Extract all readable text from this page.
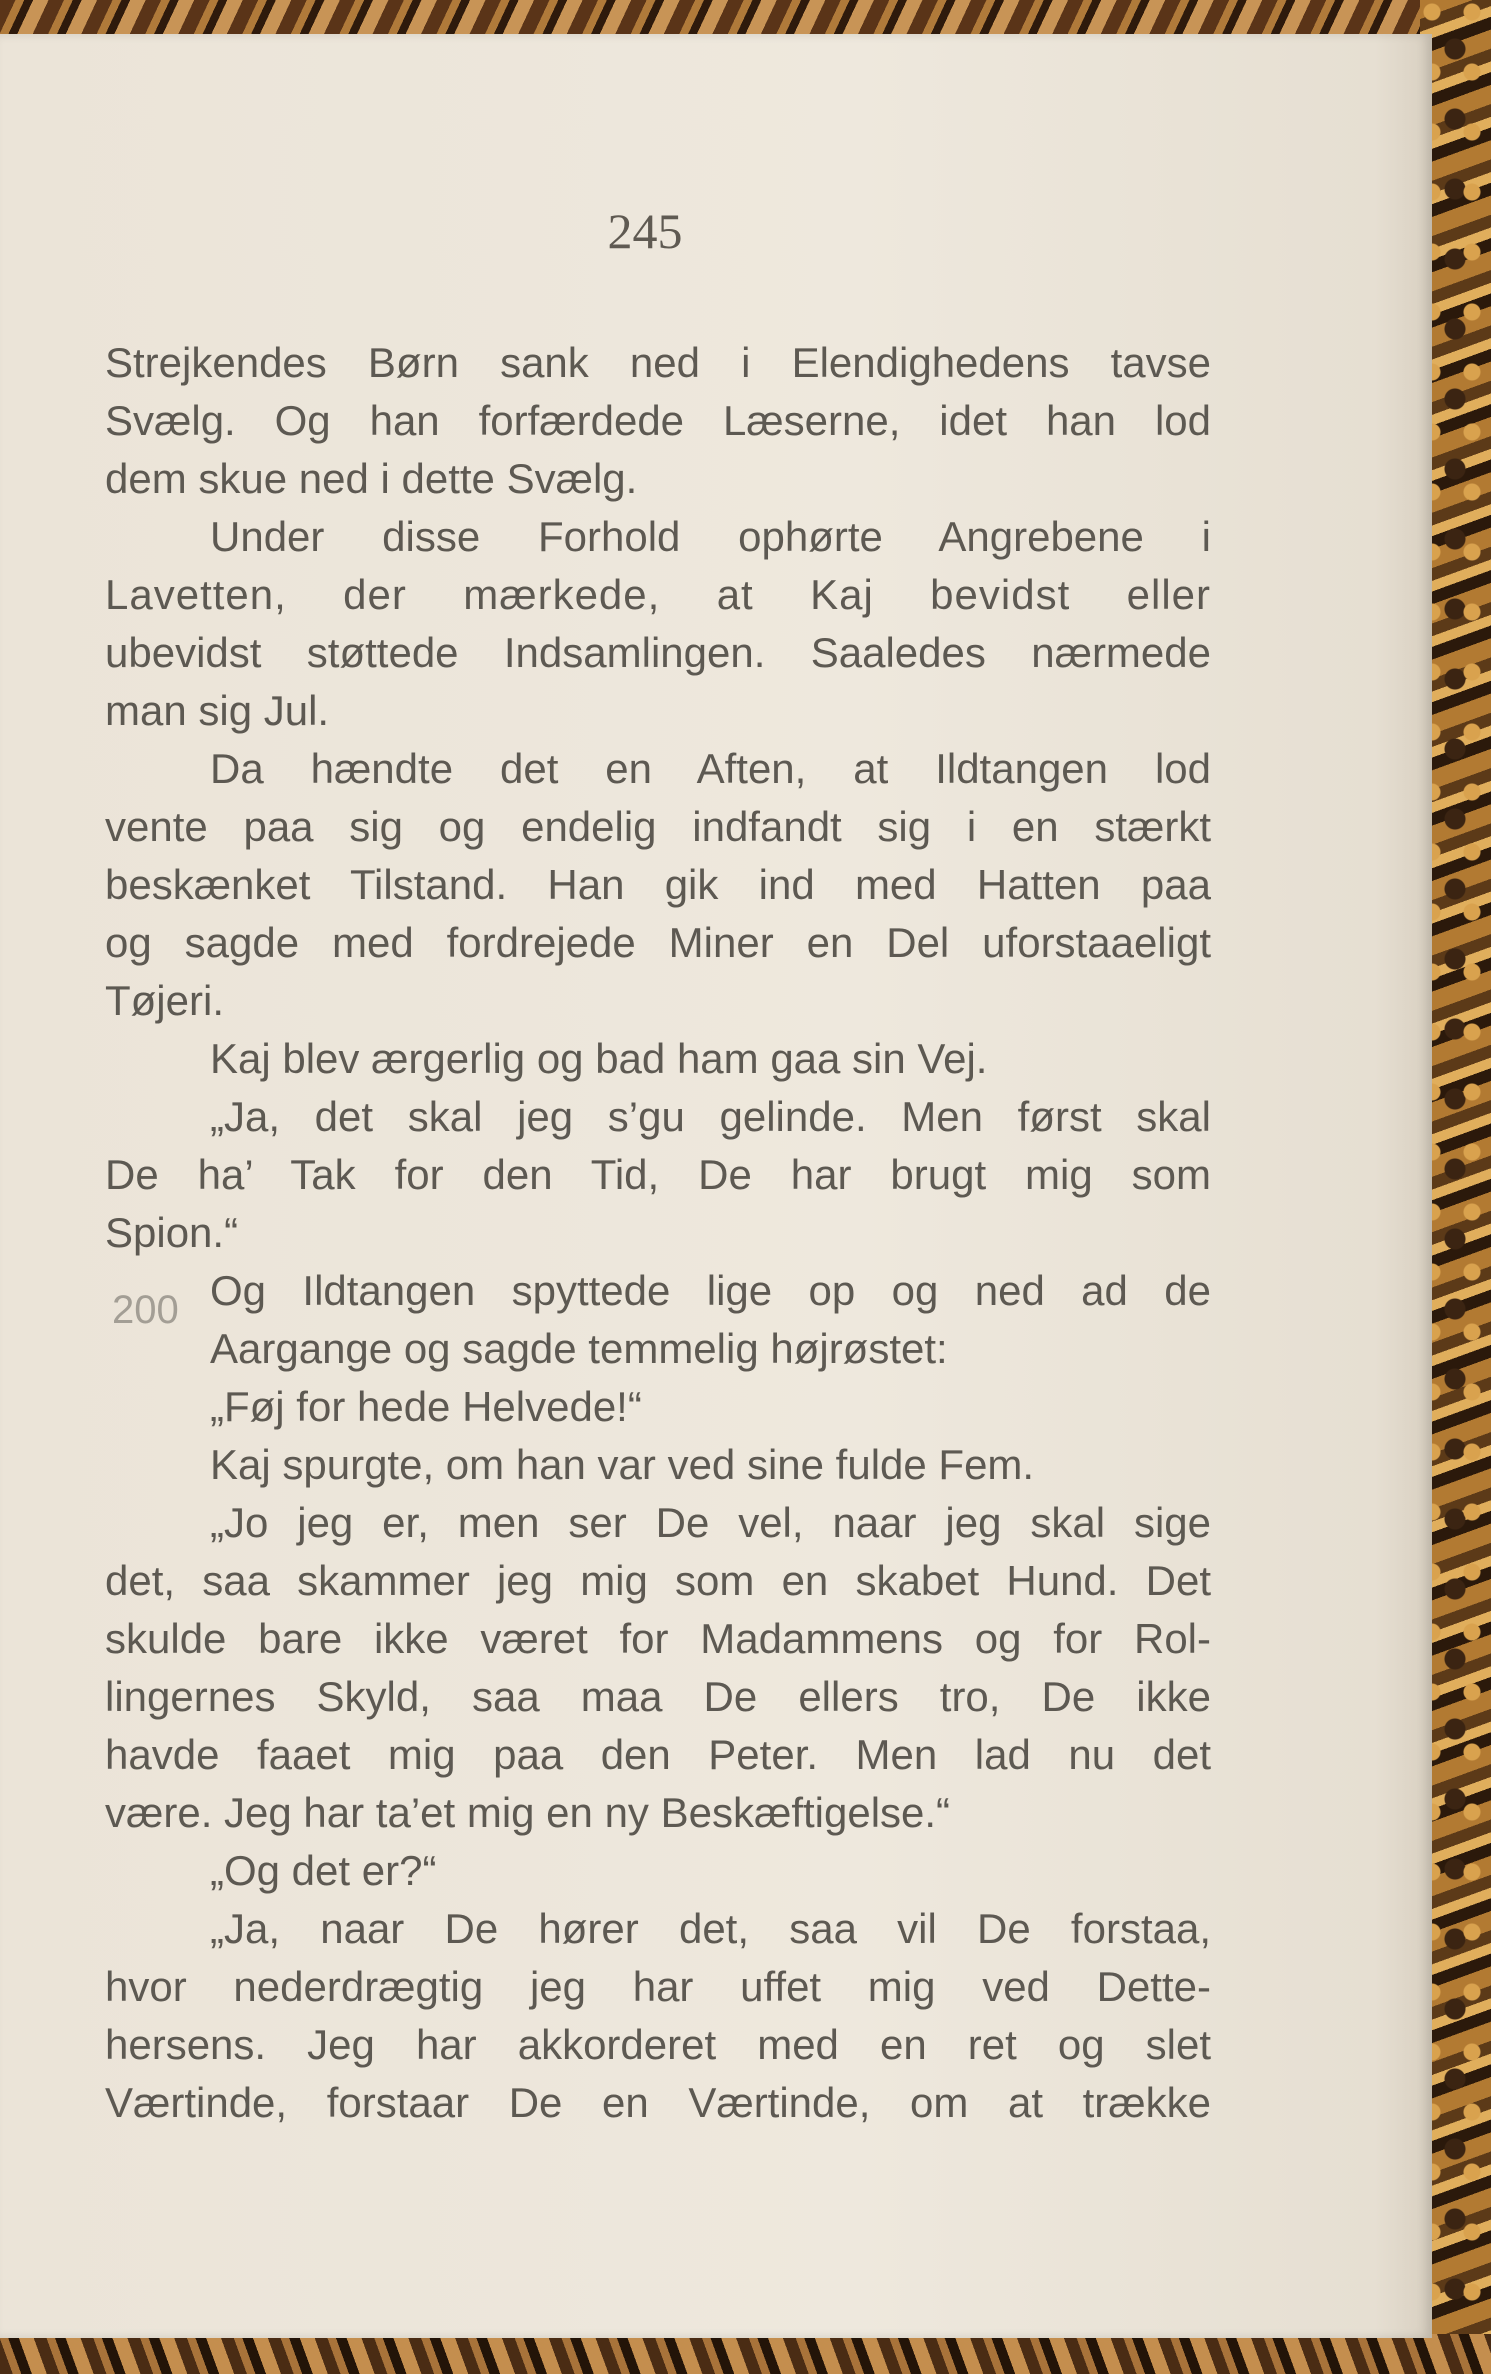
245
200
Strejkendes Børn sank ned i Elendighedens tavse
Svælg. Og han forfærdede Læserne, idet han lod
dem skue ned i dette Svælg.
Under disse Forhold ophørte Angrebene i
Lavetten, der mærkede, at Kaj bevidst eller
ubevidst støttede Indsamlingen. Saaledes nærmede
man sig Jul.
Da hændte det en Aften, at Ildtangen lod
vente paa sig og endelig indfandt sig i en stærkt
beskænket Tilstand. Han gik ind med Hatten paa
og sagde med fordrejede Miner en Del uforstaaeligt
Tøjeri.
Kaj blev ærgerlig og bad ham gaa sin Vej.
„Ja, det skal jeg s’gu gelinde. Men først skal
De ha’ Tak for den Tid, De har brugt mig som
Spion.“
Og Ildtangen spyttede lige op og ned ad de
Aargange og sagde temmelig højrøstet:
„Føj for hede Helvede!“
Kaj spurgte, om han var ved sine fulde Fem.
„Jo jeg er, men ser De vel, naar jeg skal sige
det, saa skammer jeg mig som en skabet Hund. Det
skulde bare ikke været for Madammens og for Rol-
lingernes Skyld, saa maa De ellers tro, De ikke
havde faaet mig paa den Peter. Men lad nu det
være. Jeg har ta’et mig en ny Beskæftigelse.“
„Og det er?“
„Ja, naar De hører det, saa vil De forstaa,
hvor nederdrægtig jeg har uffet mig ved Dette-
hersens. Jeg har akkorderet med en ret og slet
Værtinde, forstaar De en Værtinde, om at trække
